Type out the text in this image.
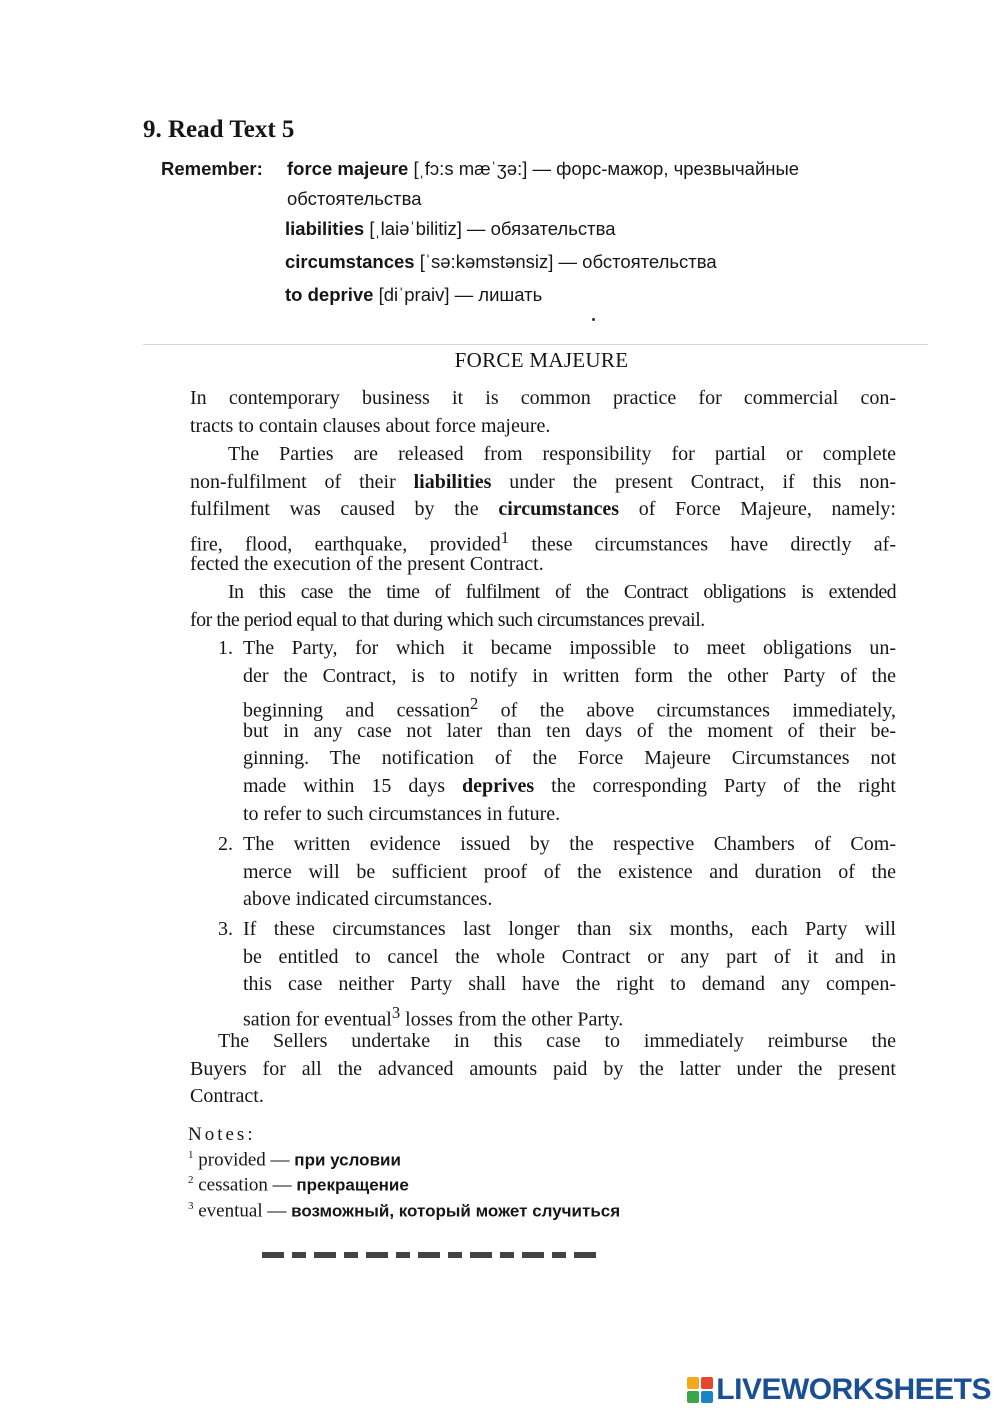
9. Read Text 5
Remember: force majeure [ˌfɔ:s mæˈʒə:] — форс-мажор, чрезвычайные
обстоятельства
liabilities [ˌlaiəˈbilitiz] — обязательства
circumstances [ˈsə:kəmstənsiz] — обстоятельства
to deprive [diˈpraiv] — лишать
FORCE MAJEURE
In contemporary business it is common practice for commercial con-
tracts to contain clauses about force majeure.
The Parties are released from responsibility for partial or complete
non-fulfilment of their liabilities under the present Contract, if this non-
fulfilment was caused by the circumstances of Force Majeure, namely:
fire, flood, earthquake, provided$^1$ these circumstances have directly af-
fected the execution of the present Contract.
In this case the time of fulfilment of the Contract obligations is extended
for the period equal to that during which such circumstances prevail.
1. The Party, for which it became impossible to meet obligations un-
der the Contract, is to notify in written form the other Party of the
beginning and cessation$^2$ of the above circumstances immediately,
but in any case not later than ten days of the moment of their be-
ginning. The notification of the Force Majeure Circumstances not
made within 15 days deprives the corresponding Party of the right
to refer to such circumstances in future.
2. The written evidence issued by the respective Chambers of Com-
merce will be sufficient proof of the existence and duration of the
above indicated circumstances.
3. If these circumstances last longer than six months, each Party will
be entitled to cancel the whole Contract or any part of it and in
this case neither Party shall have the right to demand any compen-
sation for eventual$^3$ losses from the other Party.
The Sellers undertake in this case to immediately reimburse the
Buyers for all the advanced amounts paid by the latter under the present
Contract.
Notes:
$^1$ provided — при условии
$^2$ cessation — прекращение
$^3$ eventual — возможный, который может случиться
LIVEWORKSHEETS
